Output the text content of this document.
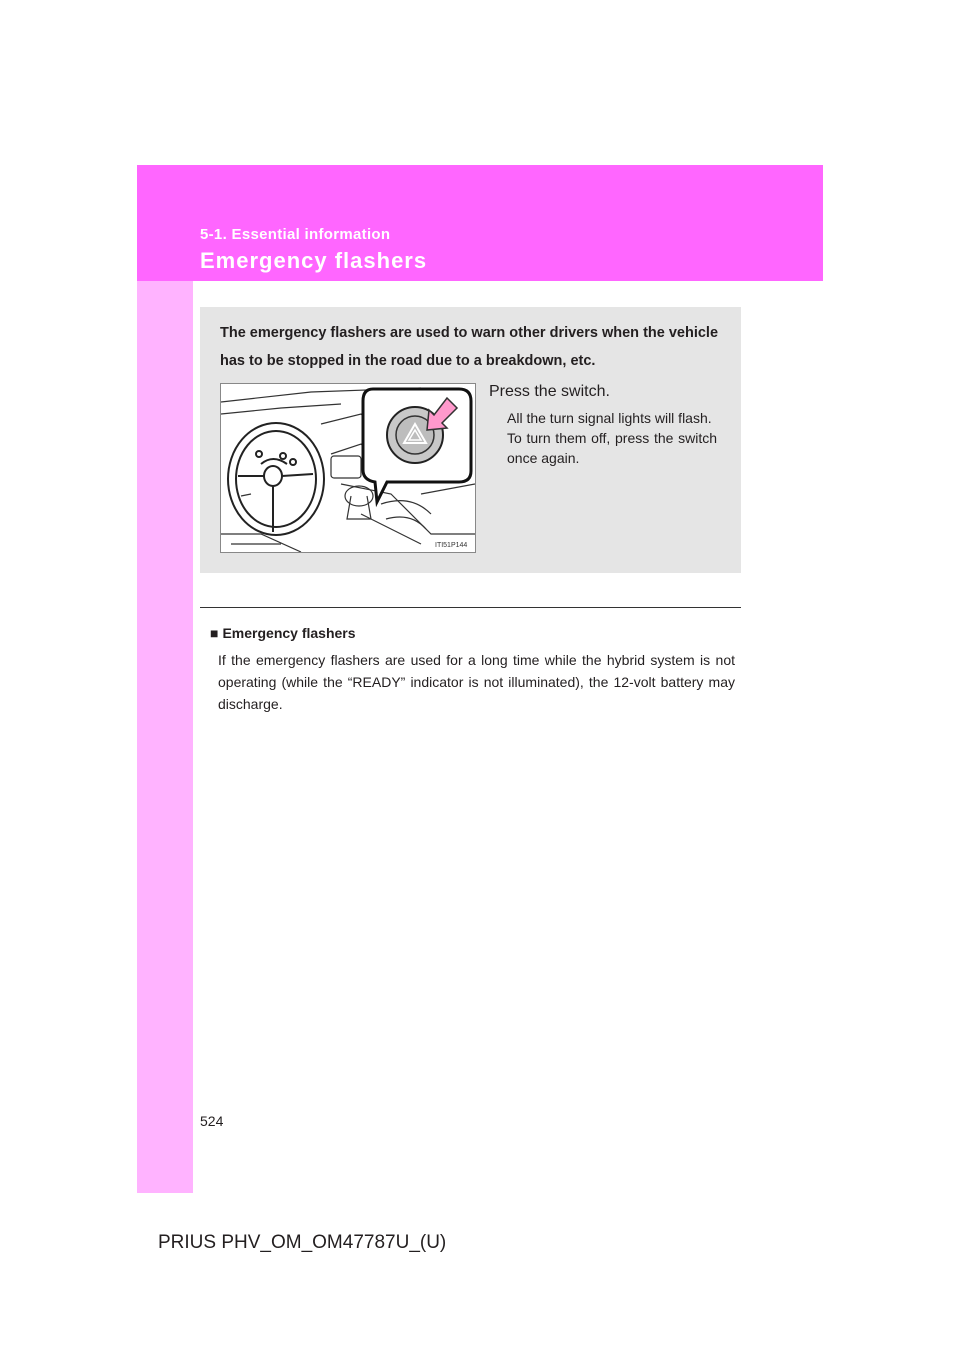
5-1. Essential information
Emergency flashers
The emergency flashers are used to warn other drivers when the vehicle has to be stopped in the road due to a breakdown, etc.
ITI51P144
Press the switch.

All the turn signal lights will flash.

To turn them off, press the switch once again.

■ Emergency flashers
If the emergency flashers are used for a long time while the hybrid system is not operating (while the “READY” indicator is not illuminated), the 12-volt battery may discharge.
524
PRIUS PHV_OM_OM47787U_(U)
